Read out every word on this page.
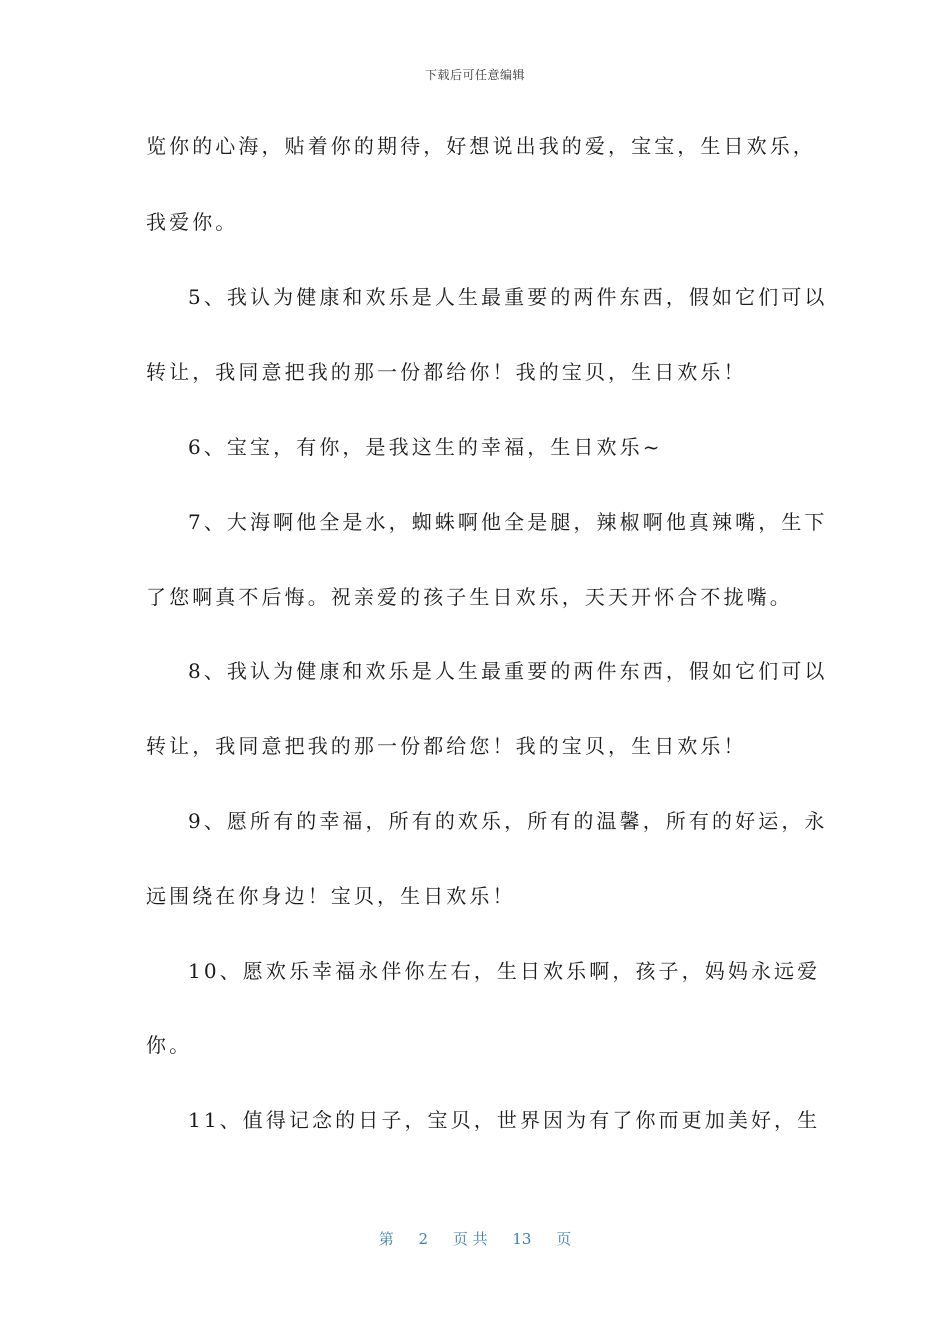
下载后可任意编辑
览你的心海，贴着你的期待，好想说出我的爱，宝宝，生日欢乐，
我爱你。
5、我认为健康和欢乐是人生最重要的两件东西，假如它们可以
转让，我同意把我的那一份都给你！我的宝贝，生日欢乐！
6、宝宝，有你，是我这生的幸福，生日欢乐~
7、大海啊他全是水，蜘蛛啊他全是腿，辣椒啊他真辣嘴，生下
了您啊真不后悔。祝亲爱的孩子生日欢乐，天天开怀合不拢嘴。
8、我认为健康和欢乐是人生最重要的两件东西，假如它们可以
转让，我同意把我的那一份都给您！我的宝贝，生日欢乐！
9、愿所有的幸福，所有的欢乐，所有的温馨，所有的好运，永
远围绕在你身边！宝贝，生日欢乐！
10、愿欢乐幸福永伴你左右，生日欢乐啊，孩子，妈妈永远爱
你。
11、值得记念的日子，宝贝，世界因为有了你而更加美好，生
第 2 页 共 13 页
